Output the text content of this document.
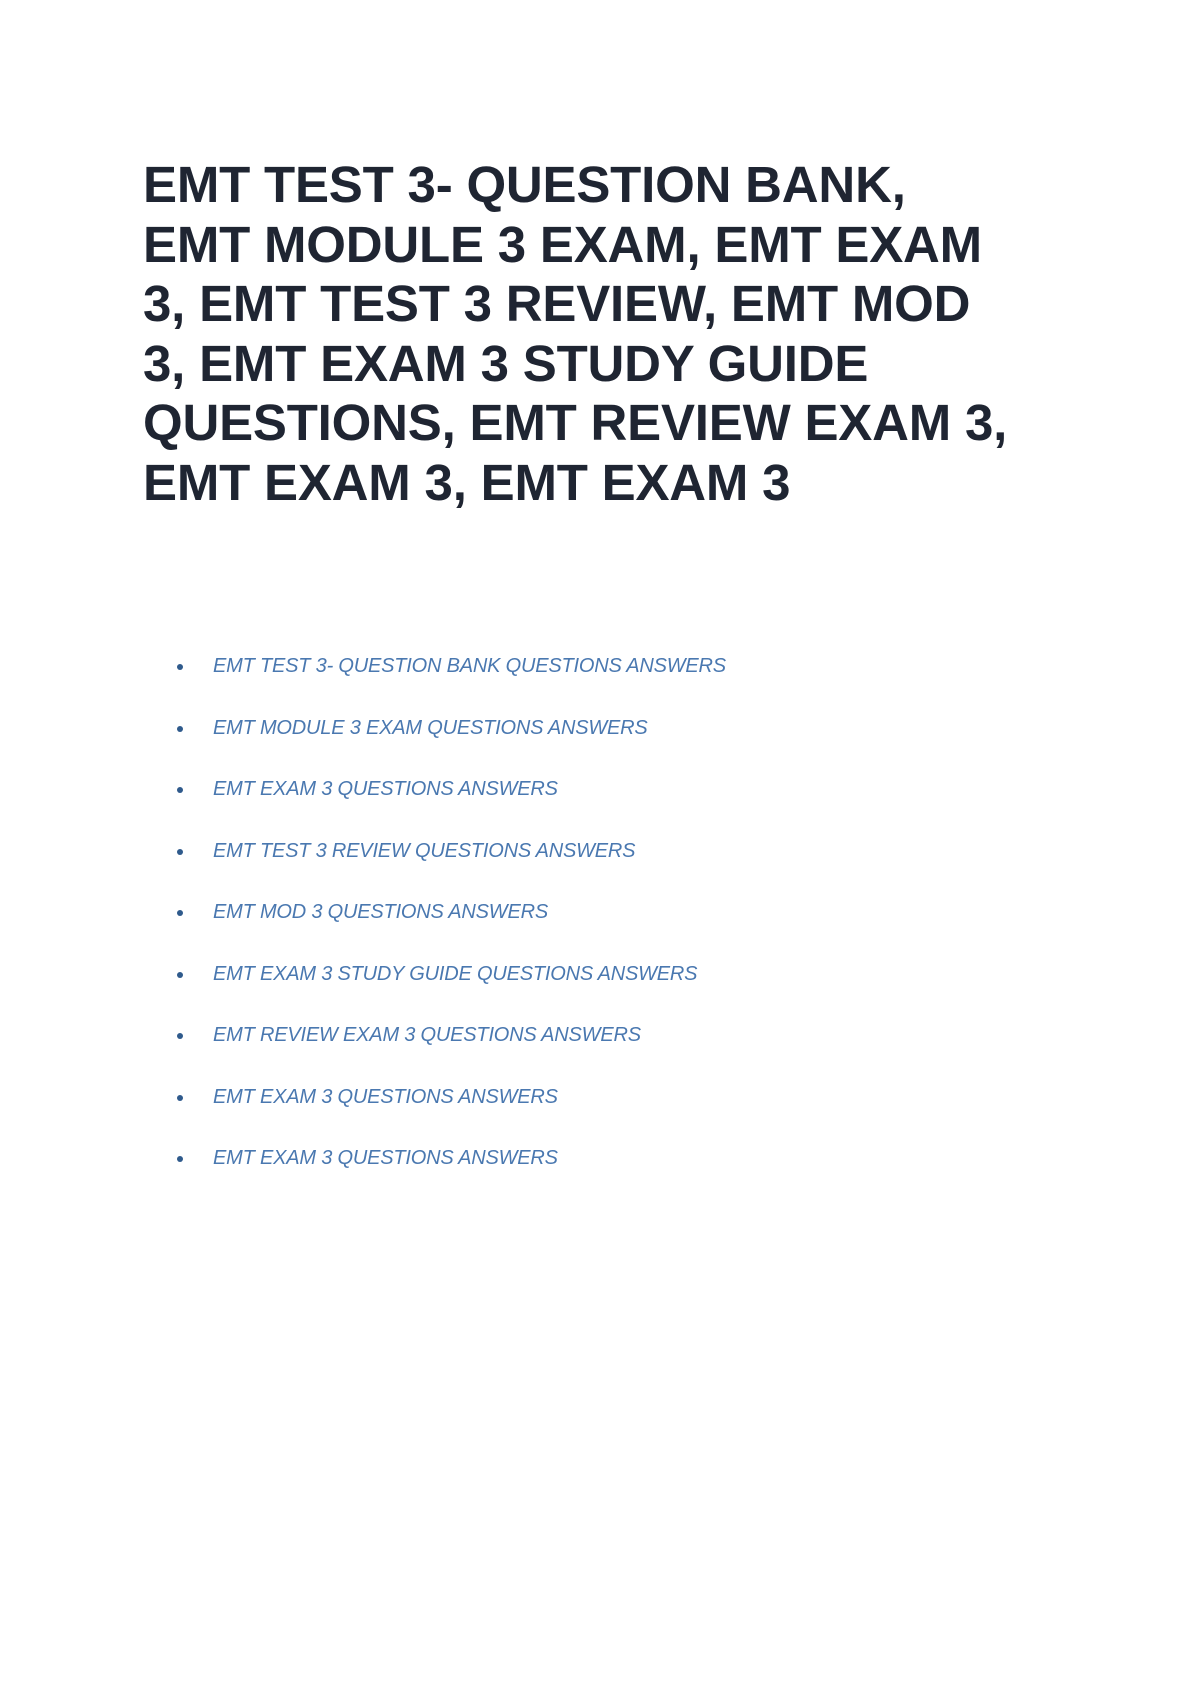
EMT TEST 3- QUESTION BANK, EMT MODULE 3 EXAM, EMT EXAM 3, EMT TEST 3 REVIEW, EMT MOD 3, EMT EXAM 3 STUDY GUIDE QUESTIONS, EMT REVIEW EXAM 3, EMT EXAM 3, EMT EXAM 3
EMT TEST 3- QUESTION BANK QUESTIONS ANSWERS
EMT MODULE 3 EXAM QUESTIONS ANSWERS
EMT EXAM 3 QUESTIONS ANSWERS
EMT TEST 3 REVIEW QUESTIONS ANSWERS
EMT MOD 3 QUESTIONS ANSWERS
EMT EXAM 3 STUDY GUIDE QUESTIONS ANSWERS
EMT REVIEW EXAM 3 QUESTIONS ANSWERS
EMT EXAM 3 QUESTIONS ANSWERS
EMT EXAM 3 QUESTIONS ANSWERS
